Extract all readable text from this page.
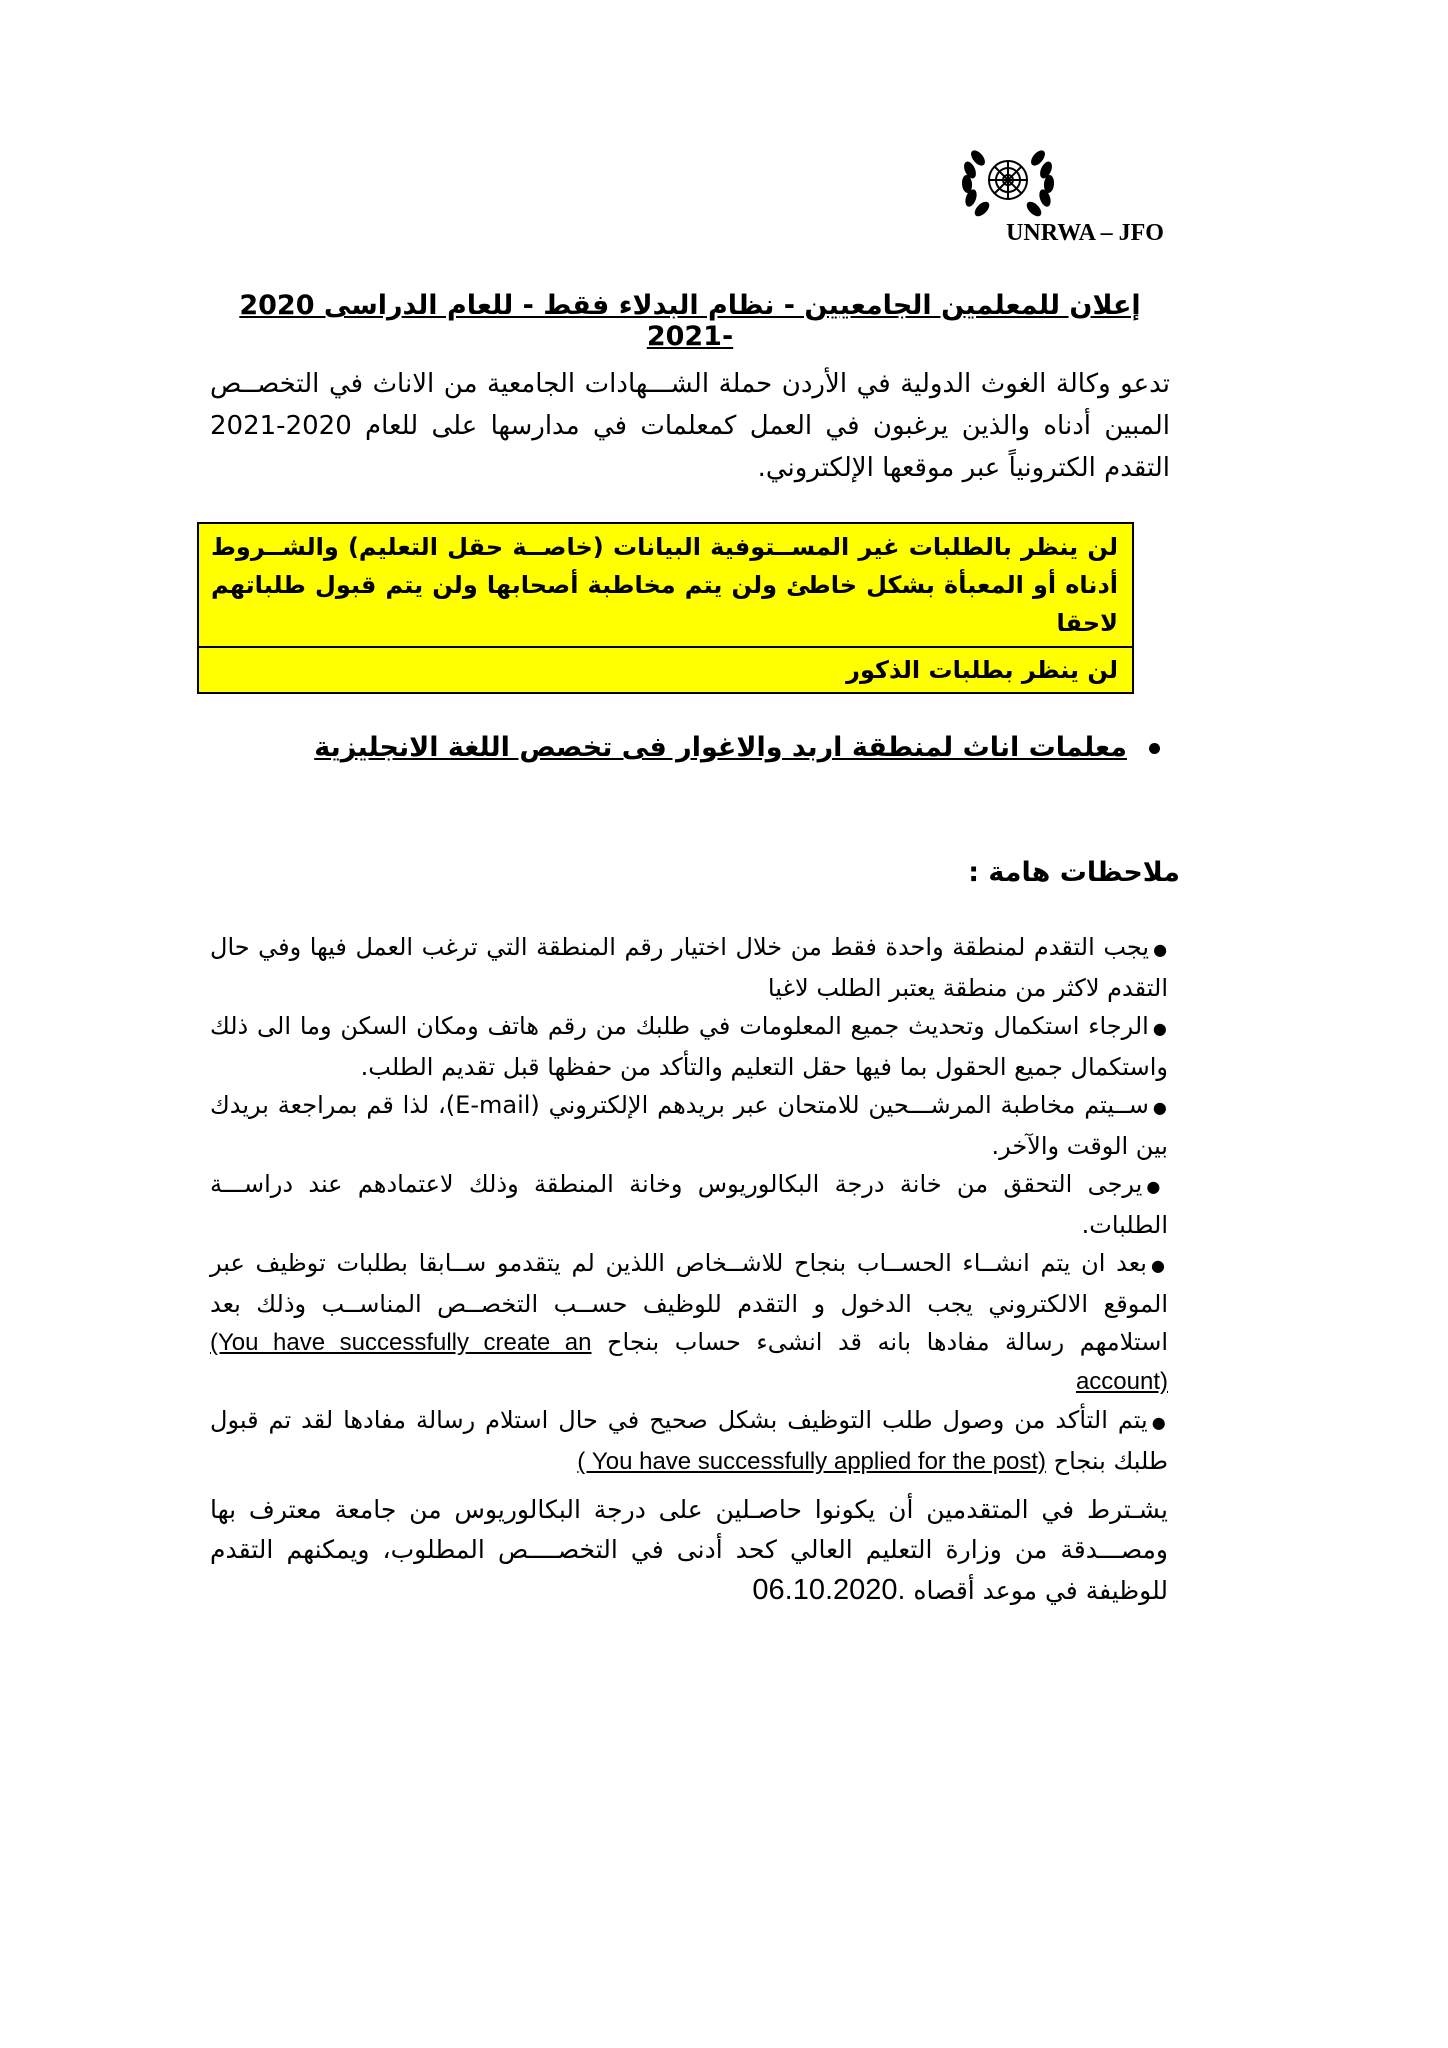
UNRWA – JFO
إعلان للمعلمين الجامعيين - نظام البدلاء فقط - للعام الدراسى 2020 -2021
تدعو وكالة الغوث الدولية في الأردن حملة الشـــهادات الجامعية من الاناث في التخصــص المبين أدناه والذين يرغبون في العمل كمعلمات في مدارسها على للعام 2020-2021 التقدم الكترونياً عبر موقعها الإلكتروني.
لن ينظر بالطلبات غير المســتوفية البيانات (خاصــة حقل التعليم) والشــروط أدناه أو المعبأة بشكل خاطئ ولن يتم مخاطبة أصحابها ولن يتم قبول طلباتهم لاحقا
لن ينظر بطلبات الذكور
معلمات اناث لمنطقة اربد والاغوار فى تخصص اللغة الانجليزية
ملاحظات هامة :

●يجب التقدم لمنطقة واحدة فقط من خلال اختيار رقم المنطقة التي ترغب العمل فيها وفي حال التقدم لاكثر من منطقة يعتبر الطلب لاغيا

●الرجاء استكمال وتحديث جميع المعلومات في طلبك من رقم هاتف ومكان السكن وما الى ذلك واستكمال جميع الحقول بما فيها حقل التعليم والتأكد من حفظها قبل تقديم الطلب.

●ســيتم مخاطبة المرشـــحين للامتحان عبر بريدهم الإلكتروني (E-mail)، لذا قم بمراجعة بريدك بين الوقت والآخر.

●يرجى التحقق من خانة درجة البكالوريوس وخانة المنطقة وذلك لاعتمادهم عند دراســـة الطلبات.

●بعد ان يتم انشــاء الحســاب بنجاح للاشــخاص اللذين لم يتقدمو ســابقا بطلبات توظيف عبر الموقع الالكتروني يجب الدخول و التقدم للوظيف حســب التخصــص المناســب وذلك بعد استلامهم رسالة مفادها بانه قد انشىء حساب بنجاح (You have successfully create an account)

●يتم التأكد من وصول طلب التوظيف بشكل صحيح في حال استلام رسالة مفادها لقد تم قبول طلبك بنجاح ( You have successfully applied for the post)

يشـترط في المتقدمين أن يكونوا حاصـلين على درجة البكالوريوس من جامعة معترف بها ومصـــدقة من وزارة التعليم العالي كحد أدنى في التخصــــص المطلوب، ويمكنهم التقدم للوظيفة في موعد أقصاه .06.10.2020
